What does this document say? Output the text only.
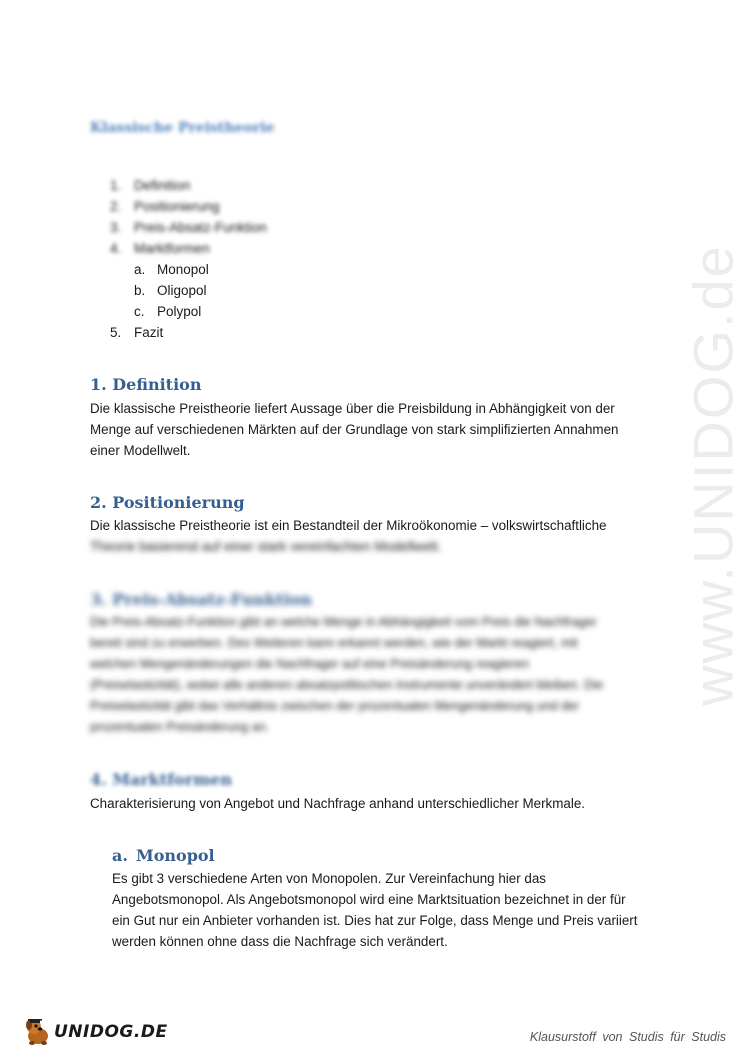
www.UNIDOG.de
Klassische Preistheorie
1. Definition
2. Positionierung
3. Preis-Absatz-Funktion
4. Marktformen
a. Monopol
b. Oligopol
c. Polypol
5. Fazit
1. Definition
Die klassische Preistheorie liefert Aussage über die Preisbildung in Abhängigkeit von der
Menge auf verschiedenen Märkten auf der Grundlage von stark simplifizierten Annahmen
einer Modellwelt.
2. Positionierung
Die klassische Preistheorie ist ein Bestandteil der Mikroökonomie – volkswirtschaftliche
Theorie basierend auf einer stark vereinfachten Modellwelt.
3. Preis-Absatz-Funktion
Die Preis-Absatz-Funktion gibt an welche Menge in Abhängigkeit vom Preis die Nachfrager
bereit sind zu erwerben. Des Weiteren kann erkannt werden, wie der Markt reagiert, mit
welchen Mengenänderungen die Nachfrager auf eine Preisänderung reagieren
(Preiselastizität), wobei alle anderen absatzpolitischen Instrumente unverändert bleiben. Die
Preiselastizität gibt das Verhältnis zwischen der prozentualen Mengenänderung und der
prozentualen Preisänderung an.
4. Marktformen
Charakterisierung von Angebot und Nachfrage anhand unterschiedlicher Merkmale.
a. Monopol
Es gibt 3 verschiedene Arten von Monopolen. Zur Vereinfachung hier das
Angebotsmonopol. Als Angebotsmonopol wird eine Marktsituation bezeichnet in der für
ein Gut nur ein Anbieter vorhanden ist. Dies hat zur Folge, dass Menge und Preis variiert
werden können ohne dass die Nachfrage sich verändert.
UNIDOG.DE	Klausurstoff von Studis für Studis
